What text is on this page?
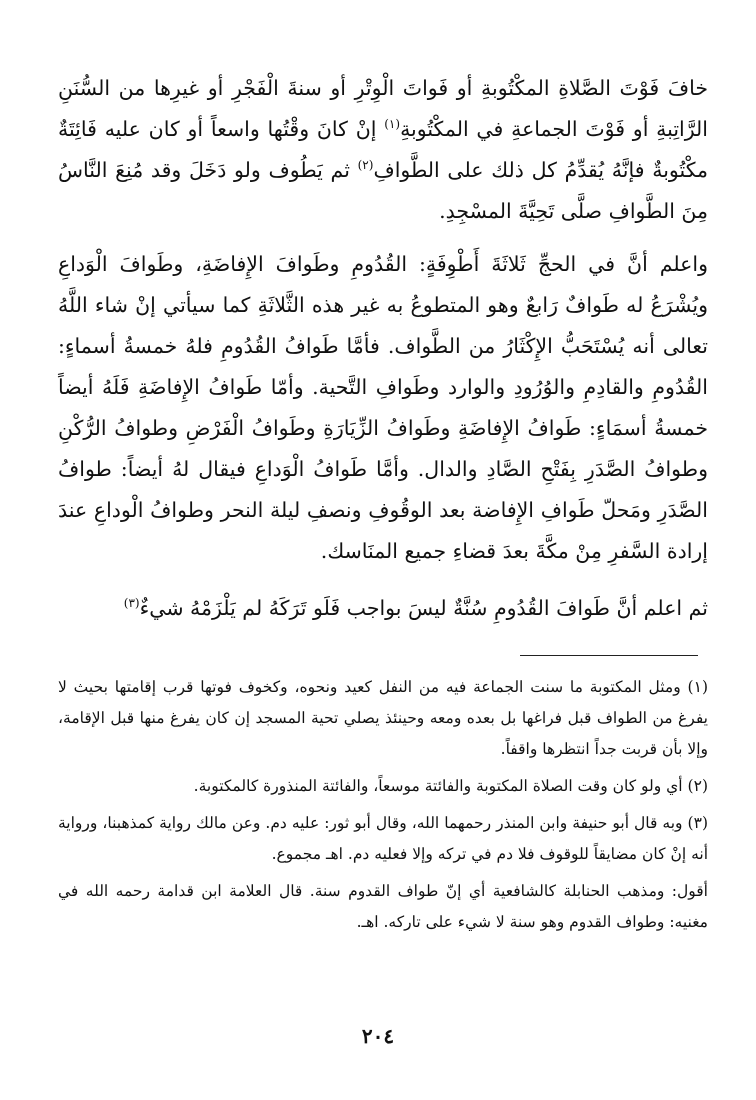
خافَ فَوْتَ الصَّلاةِ المكْتُوبةِ أو فَواتَ الْوِتْرِ أو سنةَ الْفَجْرِ أو غيرِها من السُّنَنِ الرَّاتِبةِ أو فَوْتَ الجماعةِ في المكْتُوبةِ$^{(١)}$ إنْ كانَ وقْتُها واسعاً أو كان عليه فَائِتَةٌ مكْتُوبةٌ فإنَّهُ يُقدِّمُ كل ذلك على الطَّوافِ$^{(٢)}$ ثم يَطُوف ولو دَخَلَ وقد مُنِعَ النَّاسُ مِنَ الطَّوافِ صلَّى تَحِيَّةَ المسْجِدِ.

واعلم أنَّ في الحجِّ ثَلاثَةَ أَطْوِفَةٍ: القُدُومِ وطَوافَ الإِفاضَةِ، وطَوافَ الْوَداعِ ويُشْرَعُ له طَوافٌ رَابعٌ وهو المتطوعُ به غير هذه الثَّلاثَةِ كما سيأتي إنْ شاء اللَّهُ تعالى أنه يُسْتَحَبُّ الإِكْثَارُ من الطَّواف. فأمَّا طَوافُ القُدُومِ فلهُ خمسةُ أسماءٍ: القُدُومِ والقادِمِ والوُرُودِ والوارد وطَوافِ التَّحية. وأمّا طَوافُ الإِفاضَةِ فَلَهُ أيضاً خمسةُ أسمَاءٍ: طَوافُ الإِفاضَةِ وطَوافُ الزِّيَارَةِ وطَوافُ الْفَرْضِ وطوافُ الرُّكْنِ وطوافُ الصَّدَرِ بِفَتْحِ الصَّادِ والدال. وأمَّا طَوافُ الْوَداعِ فيقال لهُ أيضاً: طوافُ الصَّدَرِ ومَحلّ طَوافِ الإِفاضة بعد الوقُوفِ ونصفِ ليلة النحر وطوافُ الْوداعِ عندَ إرادة السَّفرِ مِنْ مكَّةَ بعدَ قضاءِ جميع المنَاسك.

ثم اعلم أنَّ طَوافَ القُدُومِ سُنَّةٌ ليسَ بواجب فَلَو تَرَكَهُ لم يَلْزَمْهُ شيءٌ$^{(٣)}$

(١) ومثل المكتوبة ما سنت الجماعة فيه من النفل كعيد ونحوه، وكخوف فوتها قرب إقامتها بحيث لا يفرغ من الطواف قبل فراغها بل بعده ومعه وحينئذ يصلي تحية المسجد إن كان يفرغ منها قبل الإقامة، وإلا بأن قربت جداً انتظرها واقفاً.

(٢) أي ولو كان وقت الصلاة المكتوبة والفائتة موسعاً، والفائتة المنذورة كالمكتوبة.

(٣) وبه قال أبو حنيفة وابن المنذر رحمهما الله، وقال أبو ثور: عليه دم. وعن مالك رواية كمذهبنا، ورواية أنه إنْ كان مضايقاً للوقوف فلا دم في تركه وإلا فعليه دم. اهـ مجموع.

أقول: ومذهب الحنابلة كالشافعية أي إنّ طواف القدوم سنة. قال العلامة ابن قدامة رحمه الله في مغنيه: وطواف القدوم وهو سنة لا شيء على تاركه. اهـ.

٢٠٤
